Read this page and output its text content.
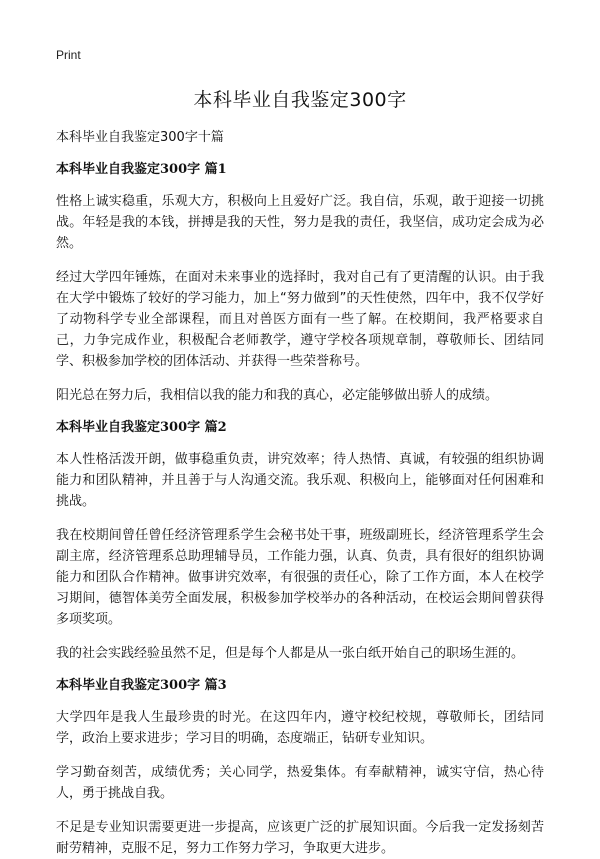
Print
本科毕业自我鉴定300字
本科毕业自我鉴定300字十篇
本科毕业自我鉴定300字 篇1

性格上诚实稳重，乐观大方，积极向上且爱好广泛。我自信，乐观，敢于迎接一切挑战。年轻是我的本钱，拼搏是我的天性，努力是我的责任，我坚信，成功定会成为必然。

经过大学四年锤炼，在面对未来事业的选择时，我对自己有了更清醒的认识。由于我在大学中锻炼了较好的学习能力，加上“努力做到”的天性使然，四年中，我不仅学好了动物科学专业全部课程，而且对兽医方面有一些了解。在校期间，我严格要求自己，力争完成作业，积极配合老师教学，遵守学校各项规章制，尊敬师长、团结同学、积极参加学校的团体活动、并获得一些荣誉称号。

阳光总在努力后，我相信以我的能力和我的真心，必定能够做出骄人的成绩。

本科毕业自我鉴定300字 篇2

本人性格活泼开朗，做事稳重负责，讲究效率；待人热情、真诚，有较强的组织协调能力和团队精神，并且善于与人沟通交流。我乐观、积极向上，能够面对任何困难和挑战。

我在校期间曾任曾任经济管理系学生会秘书处干事，班级副班长，经济管理系学生会副主席，经济管理系总助理辅导员，工作能力强，认真、负责，具有很好的组织协调能力和团队合作精神。做事讲究效率，有很强的责任心，除了工作方面，本人在校学习期间，德智体美劳全面发展，积极参加学校举办的各种活动，在校运会期间曾获得多项奖项。

我的社会实践经验虽然不足，但是每个人都是从一张白纸开始自己的职场生涯的。

本科毕业自我鉴定300字 篇3

大学四年是我人生最珍贵的时光。在这四年内，遵守校纪校规，尊敬师长，团结同学，政治上要求进步；学习目的明确，态度端正，钻研专业知识。

学习勤奋刻苦，成绩优秀；关心同学，热爱集体。有奉献精神，诚实守信，热心待人，勇于挑战自我。

不足是专业知识需要更进一步提高，应该更广泛的扩展知识面。今后我一定发扬刻苦耐劳精神，克服不足，努力工作努力学习，争取更大进步。
